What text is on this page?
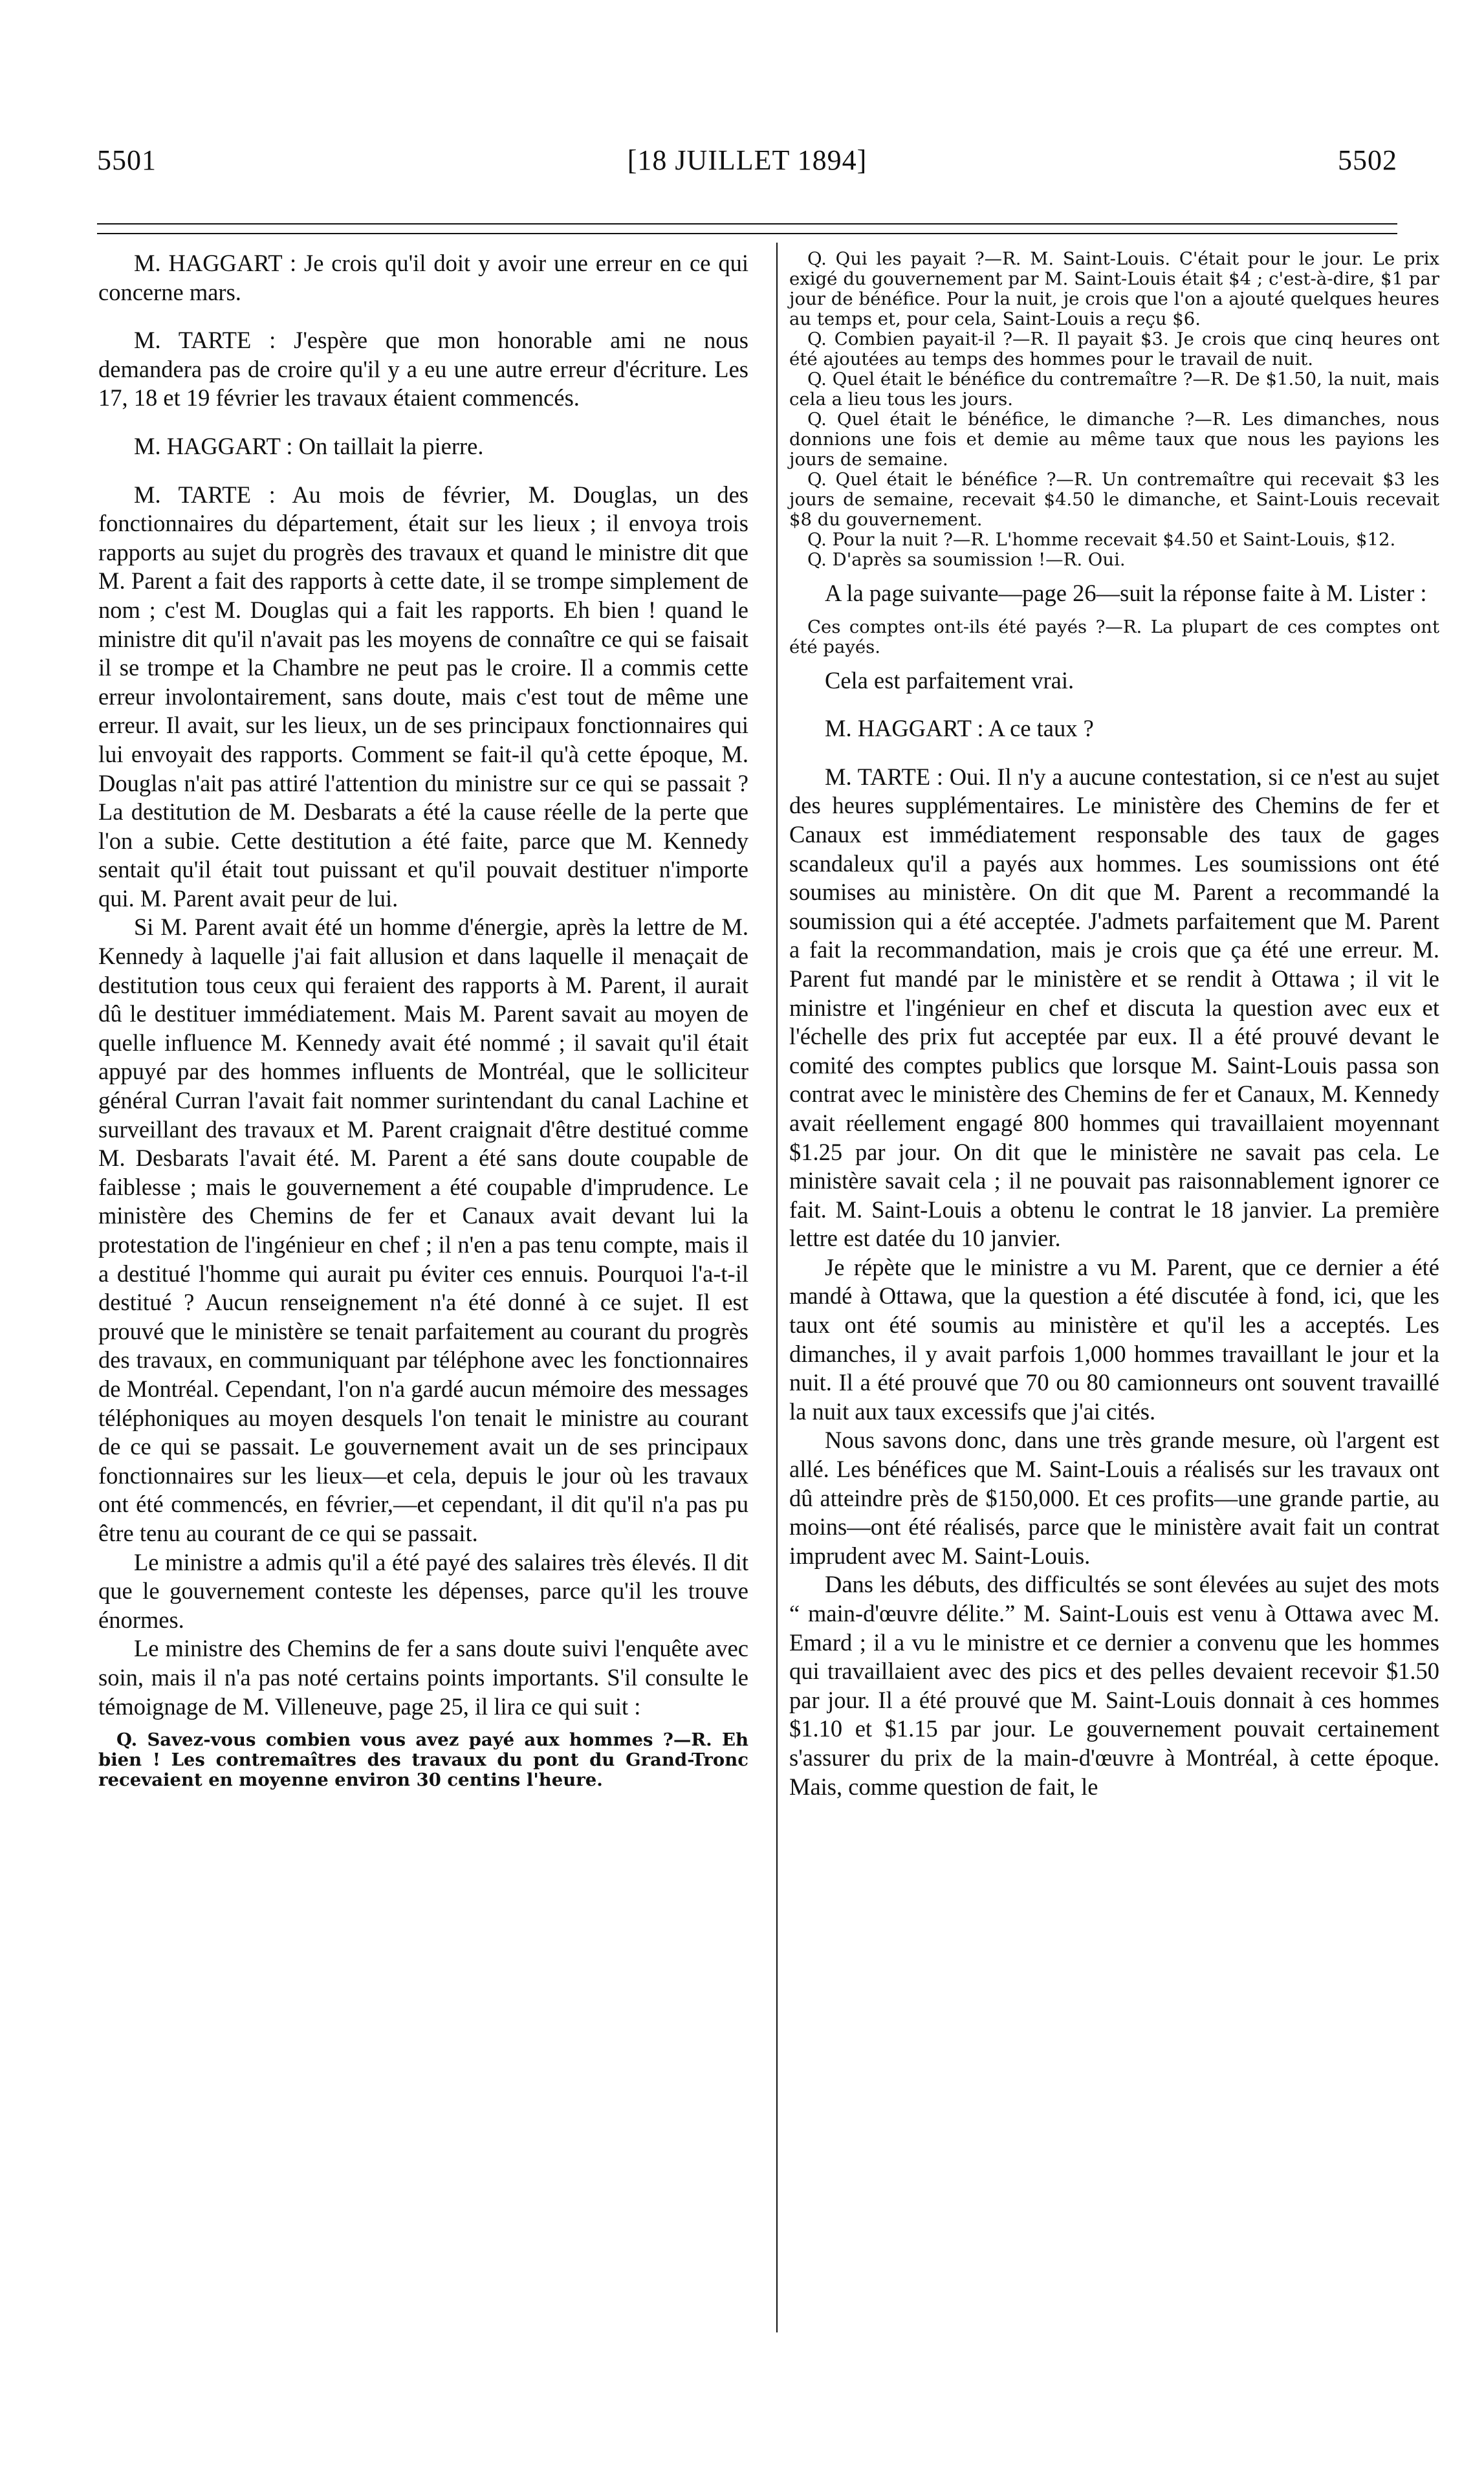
5501	[18 JUILLET 1894]	5502

M. HAGGART : Je crois qu'il doit y avoir une erreur en ce qui concerne mars.

M. TARTE : J'espère que mon honorable ami ne nous demandera pas de croire qu'il y a eu une autre erreur d'écriture. Les 17, 18 et 19 février les travaux étaient commencés.

M. HAGGART : On taillait la pierre.

M. TARTE : Au mois de février, M. Douglas, un des fonctionnaires du département, était sur les lieux ; il envoya trois rapports au sujet du progrès des travaux et quand le ministre dit que M. Parent a fait des rapports à cette date, il se trompe simplement de nom ; c'est M. Douglas qui a fait les rapports. Eh bien ! quand le ministre dit qu'il n'avait pas les moyens de connaître ce qui se faisait il se trompe et la Chambre ne peut pas le croire. Il a commis cette erreur involontairement, sans doute, mais c'est tout de même une erreur. Il avait, sur les lieux, un de ses principaux fonctionnaires qui lui envoyait des rapports. Comment se fait-il qu'à cette époque, M. Douglas n'ait pas attiré l'attention du ministre sur ce qui se passait ? La destitution de M. Desbarats a été la cause réelle de la perte que l'on a subie. Cette destitution a été faite, parce que M. Kennedy sentait qu'il était tout puissant et qu'il pouvait destituer n'importe qui. M. Parent avait peur de lui.

Si M. Parent avait été un homme d'énergie, après la lettre de M. Kennedy à laquelle j'ai fait allusion et dans laquelle il menaçait de destitution tous ceux qui feraient des rapports à M. Parent, il aurait dû le destituer immédiatement. Mais M. Parent savait au moyen de quelle influence M. Kennedy avait été nommé ; il savait qu'il était appuyé par des hommes influents de Montréal, que le solliciteur général Curran l'avait fait nommer surintendant du canal Lachine et surveillant des travaux et M. Parent craignait d'être destitué comme M. Desbarats l'avait été. M. Parent a été sans doute coupable de faiblesse ; mais le gouvernement a été coupable d'imprudence. Le ministère des Chemins de fer et Canaux avait devant lui la protestation de l'ingénieur en chef ; il n'en a pas tenu compte, mais il a destitué l'homme qui aurait pu éviter ces ennuis. Pourquoi l'a-t-il destitué ? Aucun renseignement n'a été donné à ce sujet. Il est prouvé que le ministère se tenait parfaitement au courant du progrès des travaux, en communiquant par téléphone avec les fonctionnaires de Montréal. Cependant, l'on n'a gardé aucun mémoire des messages téléphoniques au moyen desquels l'on tenait le ministre au courant de ce qui se passait. Le gouvernement avait un de ses principaux fonctionnaires sur les lieux—et cela, depuis le jour où les travaux ont été commencés, en février,—et cependant, il dit qu'il n'a pas pu être tenu au courant de ce qui se passait.

Le ministre a admis qu'il a été payé des salaires très élevés. Il dit que le gouvernement conteste les dépenses, parce qu'il les trouve énormes.

Le ministre des Chemins de fer a sans doute suivi l'enquête avec soin, mais il n'a pas noté certains points importants. S'il consulte le témoignage de M. Villeneuve, page 25, il lira ce qui suit :

Q. Savez-vous combien vous avez payé aux hommes ?—R. Eh bien ! Les contremaîtres des travaux du pont du Grand-Tronc recevaient en moyenne environ 30 centins l'heure.

Q. Qui les payait ?—R. M. Saint-Louis. C'était pour le jour. Le prix exigé du gouvernement par M. Saint-Louis était $4 ; c'est-à-dire, $1 par jour de bénéfice. Pour la nuit, je crois que l'on a ajouté quelques heures au temps et, pour cela, Saint-Louis a reçu $6.

Q. Combien payait-il ?—R. Il payait $3. Je crois que cinq heures ont été ajoutées au temps des hommes pour le travail de nuit.

Q. Quel était le bénéfice du contremaître ?—R. De $1.50, la nuit, mais cela a lieu tous les jours.

Q. Quel était le bénéfice, le dimanche ?—R. Les dimanches, nous donnions une fois et demie au même taux que nous les payions les jours de semaine.

Q. Quel était le bénéfice ?—R. Un contremaître qui recevait $3 les jours de semaine, recevait $4.50 le dimanche, et Saint-Louis recevait $8 du gouvernement.

Q. Pour la nuit ?—R. L'homme recevait $4.50 et Saint-Louis, $12.

Q. D'après sa soumission !—R. Oui.

A la page suivante—page 26—suit la réponse faite à M. Lister :

Ces comptes ont-ils été payés ?—R. La plupart de ces comptes ont été payés.

Cela est parfaitement vrai.

M. HAGGART : A ce taux ?

M. TARTE : Oui. Il n'y a aucune contestation, si ce n'est au sujet des heures supplémentaires. Le ministère des Chemins de fer et Canaux est immédiatement responsable des taux de gages scandaleux qu'il a payés aux hommes. Les soumissions ont été soumises au ministère. On dit que M. Parent a recommandé la soumission qui a été acceptée. J'admets parfaitement que M. Parent a fait la recommandation, mais je crois que ça été une erreur. M. Parent fut mandé par le ministère et se rendit à Ottawa ; il vit le ministre et l'ingénieur en chef et discuta la question avec eux et l'échelle des prix fut acceptée par eux. Il a été prouvé devant le comité des comptes publics que lorsque M. Saint-Louis passa son contrat avec le ministère des Chemins de fer et Canaux, M. Kennedy avait réellement engagé 800 hommes qui travaillaient moyennant $1.25 par jour. On dit que le ministère ne savait pas cela. Le ministère savait cela ; il ne pouvait pas raisonnablement ignorer ce fait. M. Saint-Louis a obtenu le contrat le 18 janvier. La première lettre est datée du 10 janvier.

Je répète que le ministre a vu M. Parent, que ce dernier a été mandé à Ottawa, que la question a été discutée à fond, ici, que les taux ont été soumis au ministère et qu'il les a acceptés. Les dimanches, il y avait parfois 1,000 hommes travaillant le jour et la nuit. Il a été prouvé que 70 ou 80 camionneurs ont souvent travaillé la nuit aux taux excessifs que j'ai cités.

Nous savons donc, dans une très grande mesure, où l'argent est allé. Les bénéfices que M. Saint-Louis a réalisés sur les travaux ont dû atteindre près de $150,000. Et ces profits—une grande partie, au moins—ont été réalisés, parce que le ministère avait fait un contrat imprudent avec M. Saint-Louis.

Dans les débuts, des difficultés se sont élevées au sujet des mots “ main-d'œuvre délite.” M. Saint-Louis est venu à Ottawa avec M. Emard ; il a vu le ministre et ce dernier a convenu que les hommes qui travaillaient avec des pics et des pelles devaient recevoir $1.50 par jour. Il a été prouvé que M. Saint-Louis donnait à ces hommes $1.10 et $1.15 par jour. Le gouvernement pouvait certainement s'assurer du prix de la main-d'œuvre à Montréal, à cette époque. Mais, comme question de fait, le
